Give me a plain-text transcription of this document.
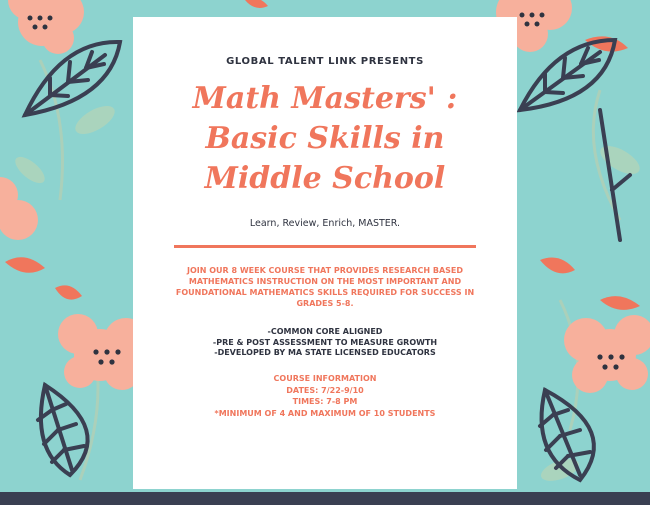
GLOBAL TALENT LINK PRESENTS
Math Masters' :
Basic Skills in
Middle School
Learn, Review, Enrich, MASTER.
JOIN OUR 8 WEEK COURSE THAT PROVIDES RESEARCH BASED MATHEMATICS INSTRUCTION ON THE MOST IMPORTANT AND FOUNDATIONAL MATHEMATICS SKILLS REQUIRED FOR SUCCESS IN GRADES 5-8.
-COMMON CORE ALIGNED
-PRE & POST ASSESSMENT TO MEASURE GROWTH
-DEVELOPED BY MA STATE LICENSED EDUCATORS
COURSE INFORMATION
DATES: 7/22-9/10
TIMES: 7-8 PM
*MINIMUM OF 4 AND MAXIMUM OF 10 STUDENTS
